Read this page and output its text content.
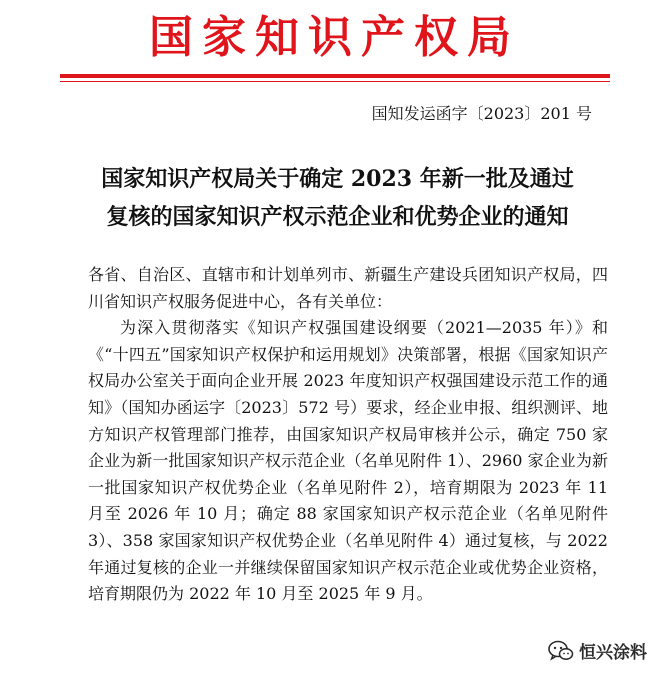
国家知识产权局
国知发运函字〔2023〕201 号
国家知识产权局关于确定 2023 年新一批及通过
复核的国家知识产权示范企业和优势企业的通知

各省、自治区、直辖市和计划单列市、新疆生产建设兵团知识产权局，四川省知识产权服务促进中心，各有关单位：

为深入贯彻落实《知识产权强国建设纲要（2021—2035 年）》和《“十四五”国家知识产权保护和运用规划》决策部署，根据《国家知识产权局办公室关于面向企业开展 2023 年度知识产权强国建设示范工作的通知》（国知办函运字〔2023〕572 号）要求，经企业申报、组织测评、地方知识产权管理部门推荐，由国家知识产权局审核并公示，确定 750 家企业为新一批国家知识产权示范企业（名单见附件 1）、2960 家企业为新一批国家知识产权优势企业（名单见附件 2），培育期限为 2023 年 11 月至 2026 年 10 月；确定 88 家国家知识产权示范企业（名单见附件 3）、358 家国家知识产权优势企业（名单见附件 4）通过复核，与 2022 年通过复核的企业一并继续保留国家知识产权示范企业或优势企业资格，培育期限仍为 2022 年 10 月至 2025 年 9 月。

恒兴涂料
